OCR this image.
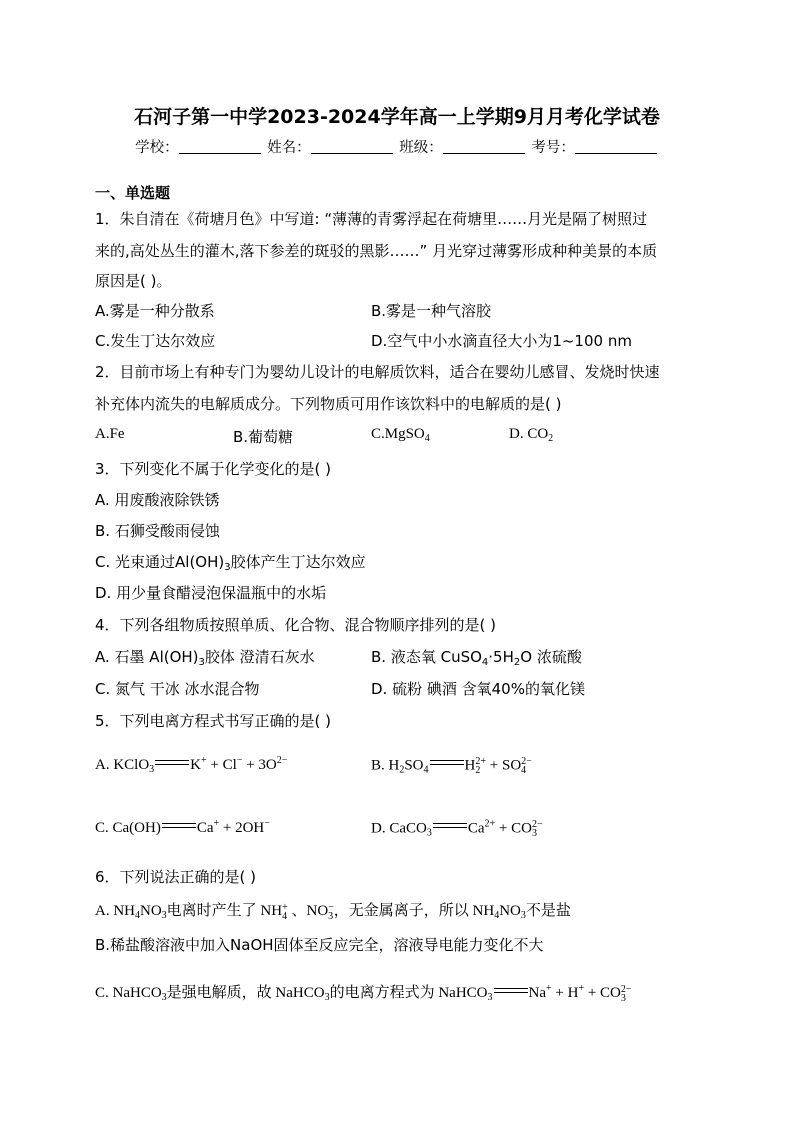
石河子第一中学2023-2024学年高一上学期9月月考化学试卷
学校：	姓名：	班级：	考号：
一、单选题
1．朱自清在《荷塘月色》中写道: “薄薄的青雾浮起在荷塘里……月光是隔了树照过
来的,高处丛生的灌木,落下参差的斑驳的黑影……” 月光穿过薄雾形成种种美景的本质
原因是( )。
A.雾是一种分散系	B.雾是一种气溶胶
C.发生丁达尔效应	D.空气中小水滴直径大小为1~100 nm
2．目前市场上有种专门为婴幼儿设计的电解质饮料，适合在婴幼儿感冒、发烧时快速
补充体内流失的电解质成分。下列物质可用作该饮料中的电解质的是( )
A.Fe	B.葡萄糖	C.MgSO$_4$	D. $CO_2$
3．下列变化不属于化学变化的是( )
A. 用废酸液除铁锈
B. 石狮受酸雨侵蚀
C. 光束通过$Al(OH)_3$胶体产生丁达尔效应
D. 用少量食醋浸泡保温瓶中的水垢
4．下列各组物质按照单质、化合物、混合物顺序排列的是( )
A. 石墨 $Al(OH)_3$胶体 澄清石灰水	B. 液态氧 $CuSO_4\cdot 5H_2O$ 浓硫酸
C. 氮气 干冰 冰水混合物	D. 硫粉 碘酒 含氧40%的氧化镁
5．下列电离方程式书写正确的是( )
A. KClO$_3$ $K^+ + Cl^- + 3O^{2-}$	B. $H_2SO_4$ H 2+
2 + SO 2−
4
C. Ca(OH) Ca+ + 2OH−	D. CaCO$_3$ $Ca^{2+}$ + CO 2−
3
6．下列说法正确的是( )
A. $NH_4NO_3$电离时产生了 NH +
4 、NO −
3 ，无金属离子，所以 $NH_4NO_3$不是盐
B.稀盐酸溶液中加入NaOH固体至反应完全，溶液导电能力变化不大
C. NaHCO$_3$是强电解质，故 NaHCO$_3$的电离方程式为 NaHCO$_3$ Na+ + H+ + CO 2−
3
